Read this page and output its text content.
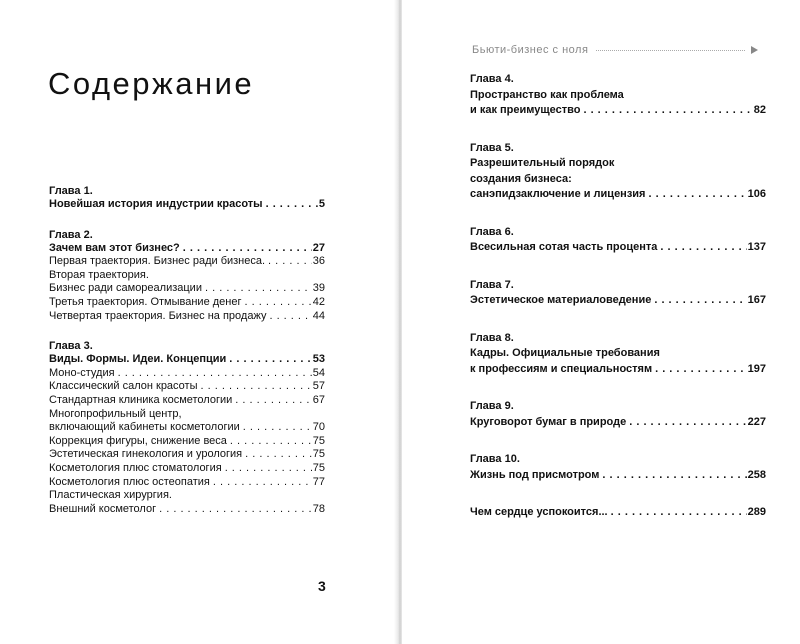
Содержание
Глава 1.
Новейшая история индустрии красоты . . .	5
Глава 2.
Зачем вам этот бизнес? . . .	27
Первая траектория. Бизнес ради бизнеса. . . .	36
Вторая траектория.
Бизнес ради самореализации . . .	39
Третья траектория. Отмывание денег . . .	42
Четвертая траектория. Бизнес на продажу . . .	44
Глава 3.
Виды. Формы. Идеи. Концепции . . .	53
Моно-студия . . .	54
Классический салон красоты . . .	57
Стандартная клиника косметологии . . .	67
Многопрофильный центр,
включающий кабинеты косметологии . . .	70
Коррекция фигуры, снижение веса . . .	75
Эстетическая гинекология и урология . . .	75
Косметология плюс стоматология . . .	75
Косметология плюс остеопатия . . .	77
Пластическая хирургия.
Внешний косметолог . . .	78
3
Бьюти-бизнес с ноля
Глава 4.
Пространство как проблема
и как преимущество . . .	82
Глава 5.
Разрешительный порядок
создания бизнеса:
санэпидзаключение и лицензия . . .	106
Глава 6.
Всесильная сотая часть процента . . .	137
Глава 7.
Эстетическое материаловедение . . .	167
Глава 8.
Кадры. Официальные требования
к профессиям и специальностям . . .	197
Глава 9.
Круговорот бумаг в природе . . .	227
Глава 10.
Жизнь под присмотром . . .	258
Чем сердце успокоится... . . .	289
